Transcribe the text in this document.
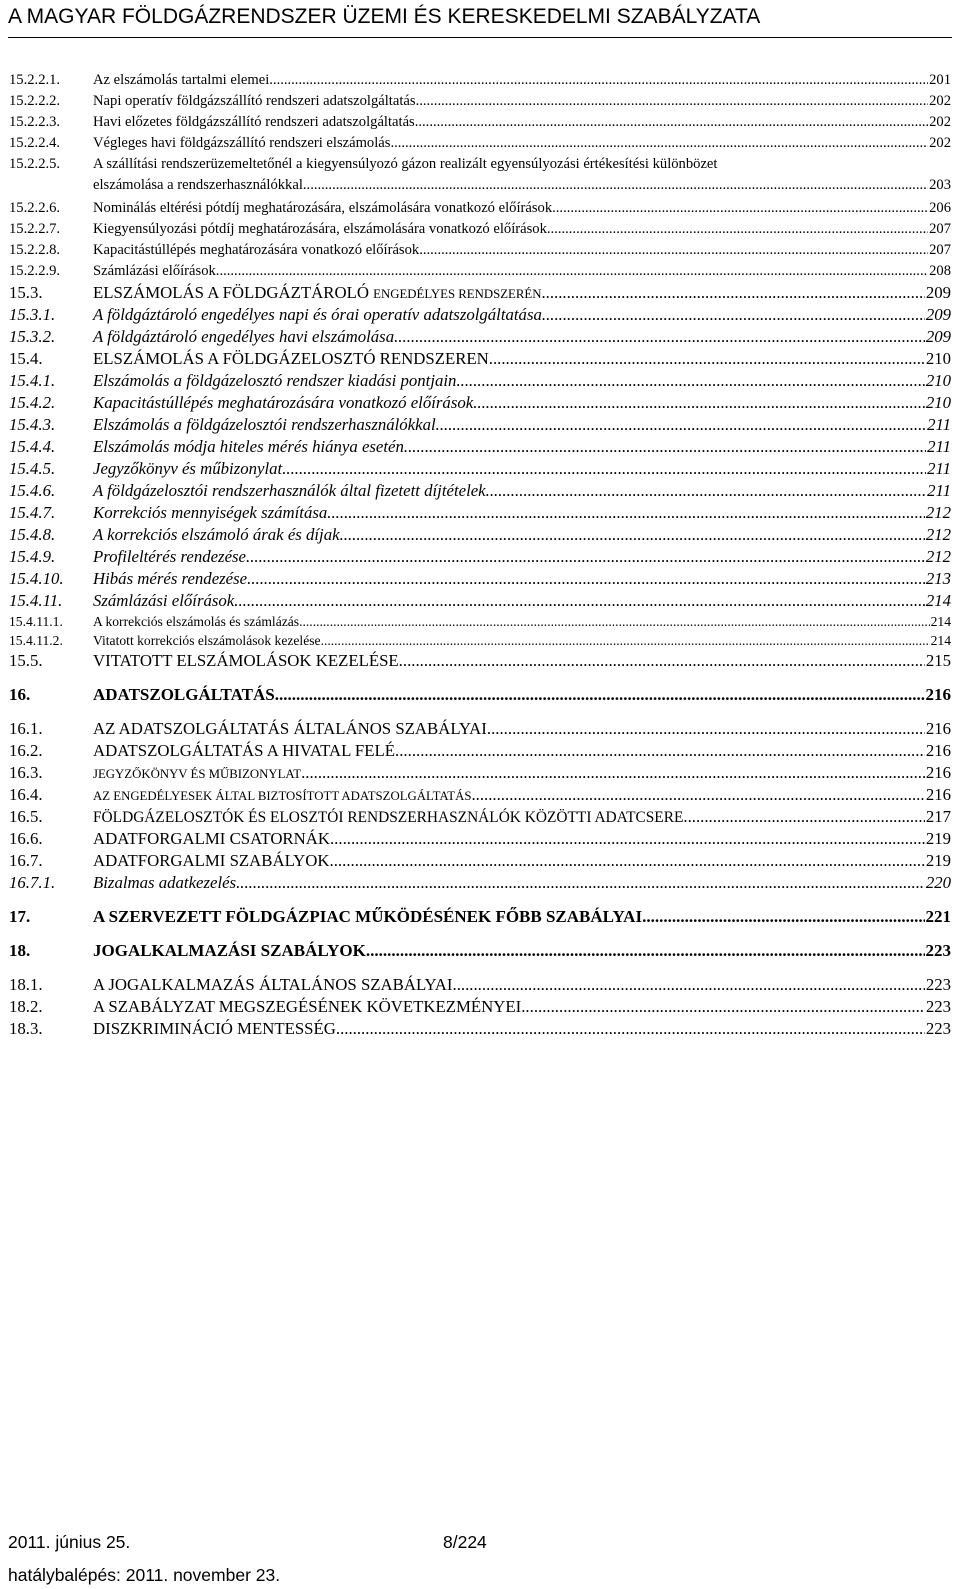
A MAGYAR FÖLDGÁZRENDSZER ÜZEMI ÉS KERESKEDELMI SZABÁLYZATA
15.2.2.1.	Az elszámolás tartalmi elemei .....	201
15.2.2.2.	Napi operatív földgázszállító rendszeri adatszolgáltatás .....	202
15.2.2.3.	Havi előzetes földgázszállító rendszeri adatszolgáltatás .....	202
15.2.2.4.	Végleges havi földgázszállító rendszeri elszámolás .....	202
15.2.2.5.	A szállítási rendszerüzemeltetőnél a kiegyensúlyozó gázon realizált egyensúlyozási értékesítési különbözet
elszámolása a rendszerhasználókkal .....	203
15.2.2.6.	Nominálás eltérési pótdíj meghatározására, elszámolására vonatkozó előírások .....	206
15.2.2.7.	Kiegyensúlyozási pótdíj meghatározására, elszámolására vonatkozó előírások .....	207
15.2.2.8.	Kapacitástúllépés meghatározására vonatkozó előírások .....	207
15.2.2.9.	Számlázási előírások .....	208
15.3.	ELSZÁMOLÁS A FÖLDGÁZTÁROLÓ ENGEDÉLYES RENDSZERÉN .....	209
15.3.1.	A földgáztároló engedélyes napi és órai operatív adatszolgáltatása .....	209
15.3.2.	A földgáztároló engedélyes havi elszámolása .....	209
15.4.	ELSZÁMOLÁS A FÖLDGÁZELOSZTÓ RENDSZEREN .....	210
15.4.1.	Elszámolás a földgázelosztó rendszer kiadási pontjain .....	210
15.4.2.	Kapacitástúllépés meghatározására vonatkozó előírások .....	210
15.4.3.	Elszámolás a földgázelosztói rendszerhasználókkal .....	211
15.4.4.	Elszámolás módja hiteles mérés hiánya esetén .....	211
15.4.5.	Jegyzőkönyv és műbizonylat .....	211
15.4.6.	A földgázelosztói rendszerhasználók által fizetett díjtételek .....	211
15.4.7.	Korrekciós mennyiségek számítása .....	212
15.4.8.	A korrekciós elszámoló árak és díjak .....	212
15.4.9.	Profileltérés rendezése .....	212
15.4.10.	Hibás mérés rendezése .....	213
15.4.11.	Számlázási előírások .....	214
15.4.11.1.	A korrekciós elszámolás és számlázás .....	214
15.4.11.2.	Vitatott korrekciós elszámolások kezelése .....	214
15.5.	VITATOTT ELSZÁMOLÁSOK KEZELÉSE .....	215
16.	ADATSZOLGÁLTATÁS .....	216
16.1.	AZ ADATSZOLGÁLTATÁS ÁLTALÁNOS SZABÁLYAI .....	216
16.2.	ADATSZOLGÁLTATÁS A HIVATAL FELÉ .....	216
16.3.	JEGYZŐKÖNYV ÉS MŰBIZONYLAT .....	216
16.4.	AZ ENGEDÉLYESEK ÁLTAL BIZTOSÍTOTT ADATSZOLGÁLTATÁS .....	216
16.5.	FÖLDGÁZELOSZTÓK ÉS ELOSZTÓI RENDSZERHASZNÁLÓK KÖZÖTTI ADATCSERE .....	217
16.6.	ADATFORGALMI CSATORNÁK .....	219
16.7.	ADATFORGALMI SZABÁLYOK .....	219
16.7.1.	Bizalmas adatkezelés .....	220
17.	A SZERVEZETT FÖLDGÁZPIAC MŰKÖDÉSÉNEK FŐBB SZABÁLYAI .....	221
18.	JOGALKALMAZÁSI SZABÁLYOK .....	223
18.1.	A JOGALKALMAZÁS ÁLTALÁNOS SZABÁLYAI .....	223
18.2.	A SZABÁLYZAT MEGSZEGÉSÉNEK KÖVETKEZMÉNYEI .....	223
18.3.	DISZKRIMINÁCIÓ MENTESSÉG .....	223
2011. június 25.	8/224
hatálybalépés: 2011. november 23.
